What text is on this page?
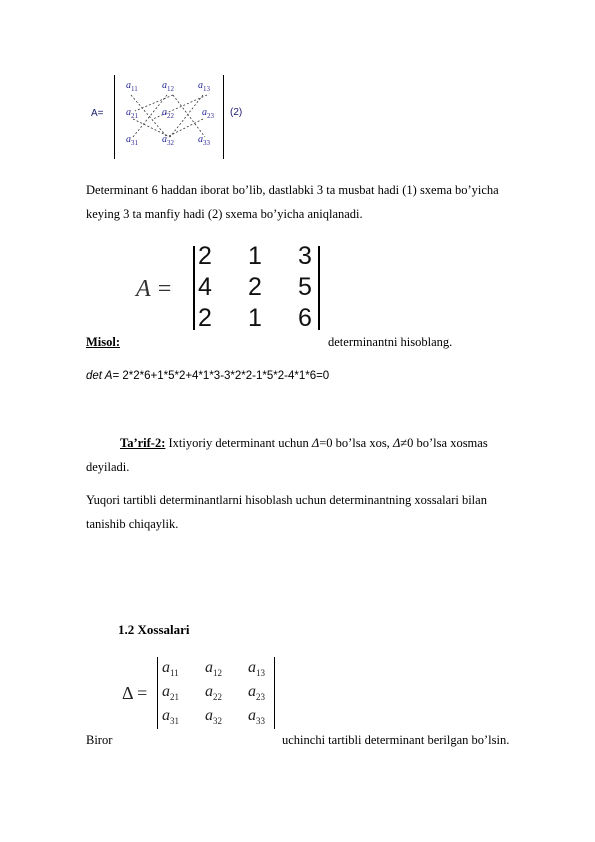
A=
$a_{11}$ $a_{12}$ $a_{13}$
$a_{21}$ $a_{22}$	$a_{23}$
$a_{31}$ $a_{32}$ $a_{33}$
(2)
Determinant 6 haddan iborat bo’lib, dastlabki 3 ta musbat hadi (1) sxema bo’yicha
keying 3 ta manfiy hadi (2) sxema bo’yicha aniqlanadi.
A =
2 1 3
4 2 5
2 1 6
Misol:	determinantni hisoblang.
det A= 2*2*6+1*5*2+4*1*3-3*2*2-1*5*2-4*1*6=0
Ta’rif-2: Ixtiyoriy determinant uchun Δ=0 bo’lsa xos, Δ≠0 bo’lsa xosmas
deyiladi.
Yuqori tartibli determinantlarni hisoblash uchun determinantning xossalari bilan
tanishib chiqaylik.
1.2 Xossalari
Δ =
$a_{11}$ $a_{12}$ $a_{13}$
$a_{21}$ $a_{22}$ $a_{23}$
$a_{31}$ $a_{32}$ $a_{33}$
Biror	uchinchi tartibli determinant berilgan bo’lsin.
